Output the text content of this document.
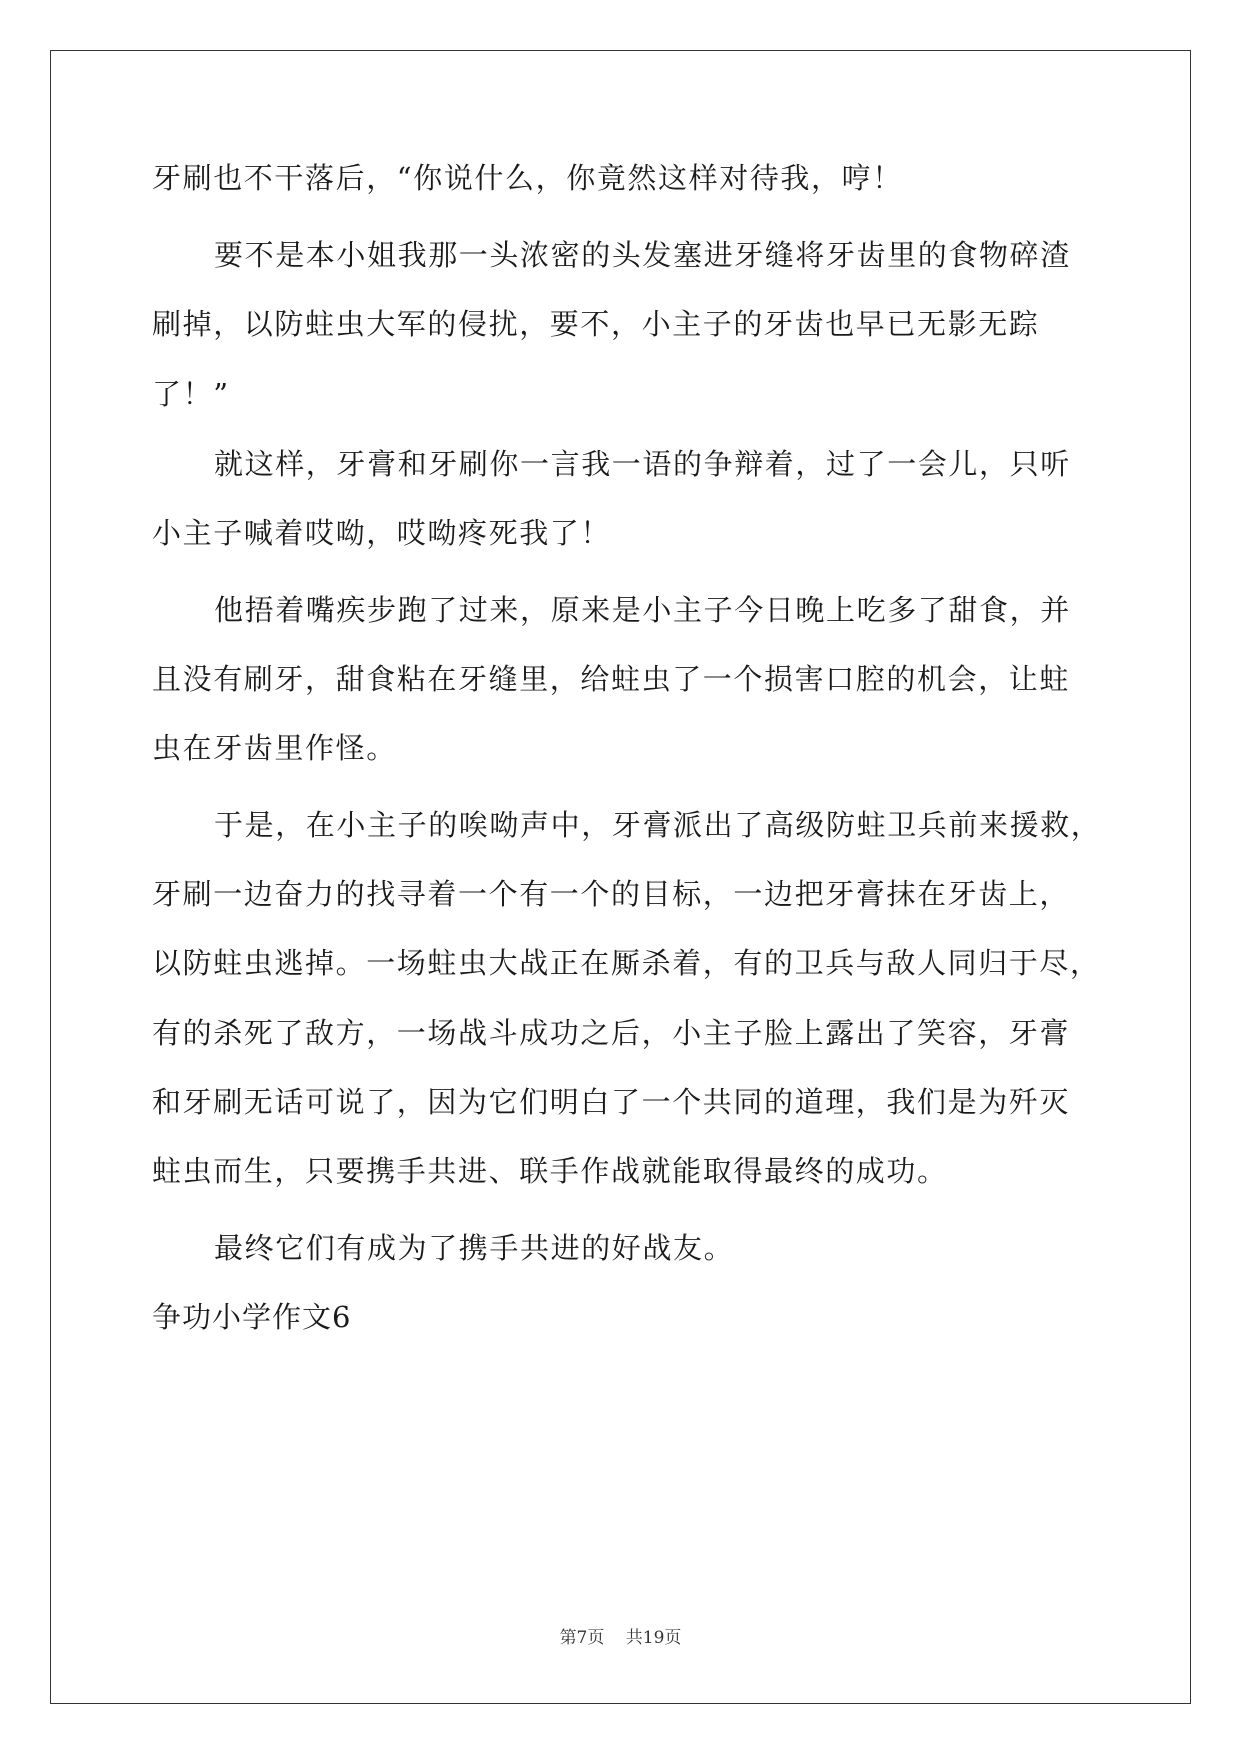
牙刷也不干落后，“你说什么，你竟然这样对待我，哼！
要不是本小姐我那一头浓密的头发塞进牙缝将牙齿里的食物碎渣
刷掉，以防蛀虫大军的侵扰，要不，小主子的牙齿也早已无影无踪
了！”
就这样，牙膏和牙刷你一言我一语的争辩着，过了一会儿，只听
小主子喊着哎呦，哎呦疼死我了！
他捂着嘴疾步跑了过来，原来是小主子今日晚上吃多了甜食，并
且没有刷牙，甜食粘在牙缝里，给蛀虫了一个损害口腔的机会，让蛀
虫在牙齿里作怪。
于是，在小主子的唉呦声中，牙膏派出了高级防蛀卫兵前来援救，
牙刷一边奋力的找寻着一个有一个的目标，一边把牙膏抹在牙齿上，
以防蛀虫逃掉。一场蛀虫大战正在厮杀着，有的卫兵与敌人同归于尽，
有的杀死了敌方，一场战斗成功之后，小主子脸上露出了笑容，牙膏
和牙刷无话可说了，因为它们明白了一个共同的道理，我们是为歼灭
蛀虫而生，只要携手共进、联手作战就能取得最终的成功。
最终它们有成为了携手共进的好战友。
争功小学作文6
第7页 共19页
